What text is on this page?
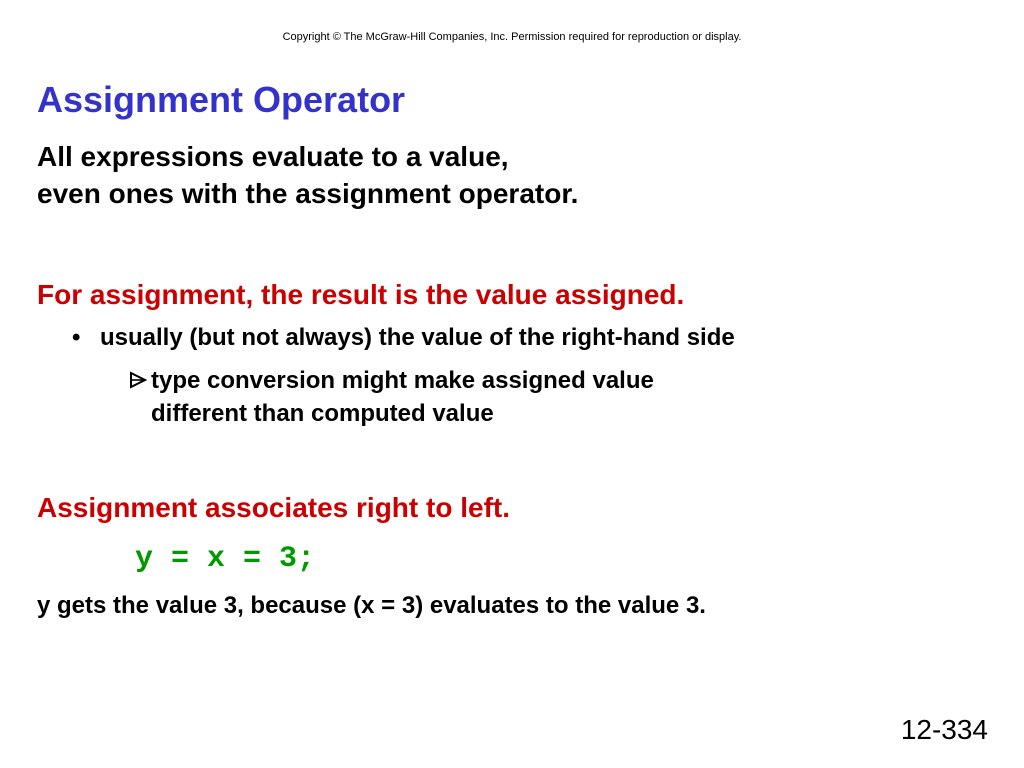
Copyright © The McGraw-Hill Companies, Inc. Permission required for reproduction or display.
Assignment Operator

All expressions evaluate to a value,

even ones with the assignment operator.

For assignment, the result is the value assigned.

• usually (but not always) the value of the right-hand side
type conversion might make assigned value
different than computed value

Assignment associates right to left.

y = x = 3;

y gets the value 3, because (x = 3) evaluates to the value 3.

12-334
